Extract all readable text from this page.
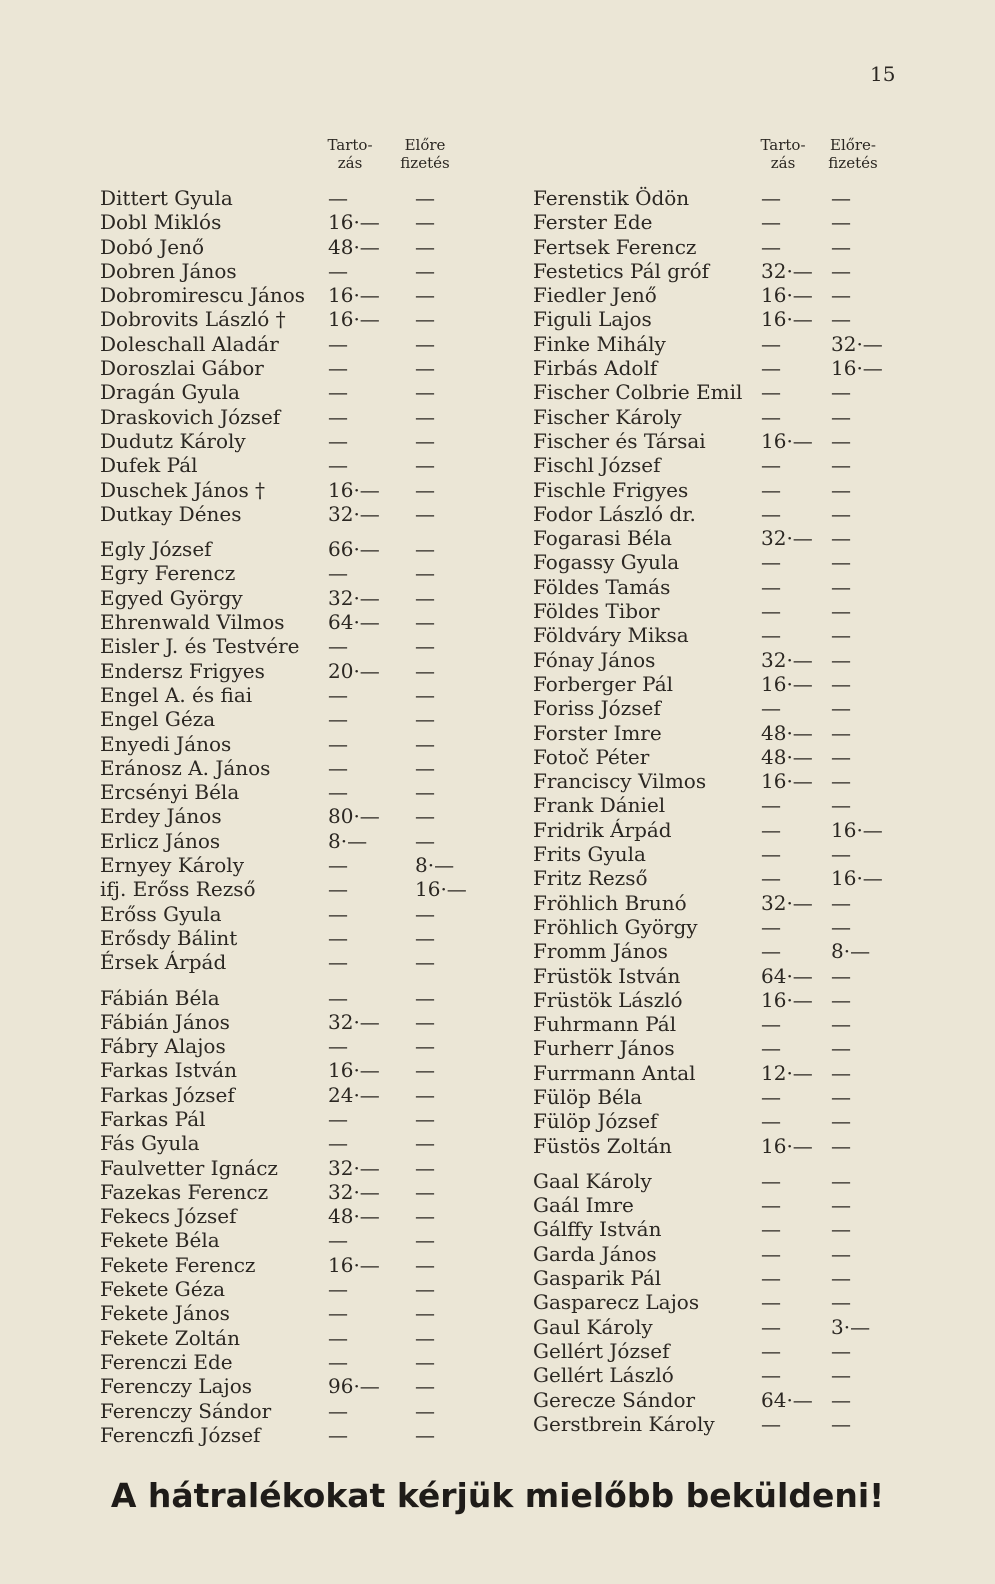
15
Tarto-
zás
Előre
fizetés
Dittert Gyula	—	—
Dobl Miklós	16·— —
Dobó Jenő	48·— —
Dobren János	—	—
Dobromirescu János 16·— —
Dobrovits László † 16·— —
Doleschall Aladár —	—
Doroszlai Gábor	—	—
Dragán Gyula	—	—
Draskovich József —	—
Dudutz Károly	—	—
Dufek Pál	—	—
Duschek János †	16·— —
Dutkay Dénes	32·— —
Egly József	66·— —
Egry Ferencz	—	—
Egyed György	32·— —
Ehrenwald Vilmos 64·— —
Eisler J. és Testvére —	—
Endersz Frigyes	20·— —
Engel A. és fiai	—	—
Engel Géza	—	—
Enyedi János	—	—
Eránosz A. János	—	—
Ercsényi Béla	—	—
Erdey János	80·— —
Erlicz János	8·— —
Ernyey Károly	—	8·—
ifj. Erőss Rezső	—	16·—
Erőss Gyula	—	—
Erősdy Bálint	—	—
Érsek Árpád	—	—
Fábián Béla	—	—
Fábián János	32·— —
Fábry Alajos	—	—
Farkas István	16·— —
Farkas József	24·— —
Farkas Pál	—	—
Fás Gyula	—	—
Faulvetter Ignácz	32·— —
Fazekas Ferencz	32·— —
Fekecs József	48·— —
Fekete Béla	—	—
Fekete Ferencz	16·— —
Fekete Géza	—	—
Fekete János	—	—
Fekete Zoltán	—	—
Ferenczi Ede	—	—
Ferenczy Lajos	96·— —
Ferenczy Sándor	—	—
Ferenczfi József	—	—
Tarto-
zás
Előre-
fizetés
Ferenstik Ödön	—	—
Ferster Ede	—	—
Fertsek Ferencz	—	—
Festetics Pál gróf	32·— —
Fiedler Jenő	16·— —
Figuli Lajos	16·— —
Finke Mihály	—	32·—
Firbás Adolf	—	16·—
Fischer Colbrie Emil —	—
Fischer Károly	—	—
Fischer és Társai	16·— —
Fischl József	—	—
Fischle Frigyes	—	—
Fodor László dr.	—	—
Fogarasi Béla	32·— —
Fogassy Gyula	—	—
Földes Tamás	—	—
Földes Tibor	—	—
Földváry Miksa	—	—
Fónay János	32·— —
Forberger Pál	16·— —
Foriss József	—	—
Forster Imre	48·— —
Fotoč Péter	48·— —
Franciscy Vilmos	16·— —
Frank Dániel	—	—
Fridrik Árpád	—	16·—
Frits Gyula	—	—
Fritz Rezső	—	16·—
Fröhlich Brunó	32·— —
Fröhlich György	—	—
Fromm János	—	8·—
Früstök István	64·— —
Früstök László	16·— —
Fuhrmann Pál	—	—
Furherr János	—	—
Furrmann Antal	12·— —
Fülöp Béla	—	—
Fülöp József	—	—
Füstös Zoltán	16·— —
Gaal Károly	—	—
Gaál Imre	—	—
Gálffy István	—	—
Garda János	—	—
Gasparik Pál	—	—
Gasparecz Lajos	—	—
Gaul Károly	—	3·—
Gellért József	—	—
Gellért László	—	—
Gerecze Sándor	64·— —
Gerstbrein Károly —	—
A hátralékokat kérjük mielőbb beküldeni!
